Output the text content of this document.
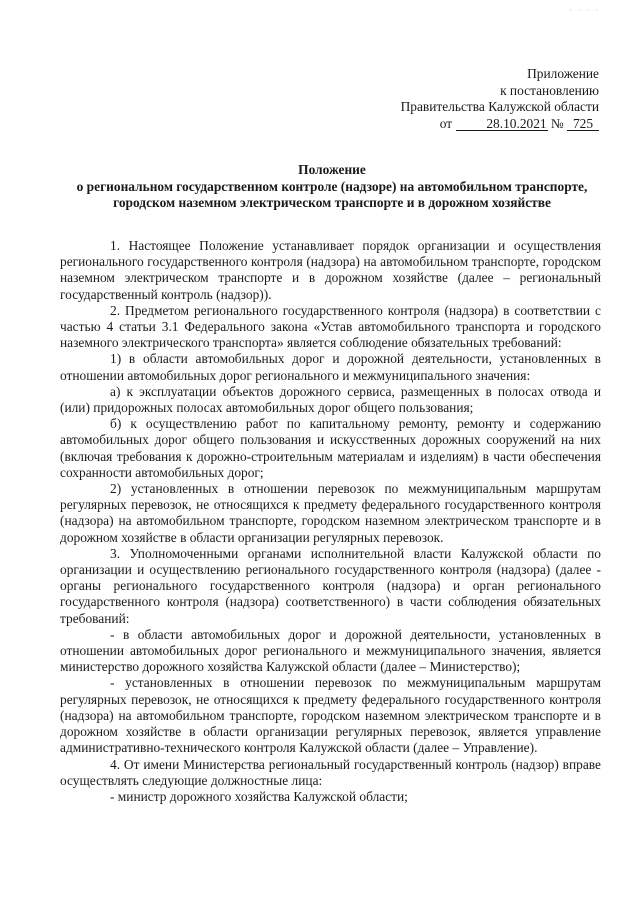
· · · ·
Приложение
к постановлению
Правительства Калужской области
от	28.10.2021 № 725
Положение
о региональном государственном контроле (надзоре) на автомобильном транспорте,
городском наземном электрическом транспорте и в дорожном хозяйстве

1. Настоящее Положение устанавливает порядок организации и осуществления регионального государственного контроля (надзора) на автомобильном транспорте, городском наземном электрическом транспорте и в дорожном хозяйстве (далее – региональный государственный контроль (надзор)).

2. Предметом регионального государственного контроля (надзора) в соответствии с частью 4 статьи 3.1 Федерального закона «Устав автомобильного транспорта и городского наземного электрического транспорта» является соблюдение обязательных требований:

1) в области автомобильных дорог и дорожной деятельности, установленных в отношении автомобильных дорог регионального и межмуниципального значения:

а) к эксплуатации объектов дорожного сервиса, размещенных в полосах отвода и (или) придорожных полосах автомобильных дорог общего пользования;

б) к осуществлению работ по капитальному ремонту, ремонту и содержанию автомобильных дорог общего пользования и искусственных дорожных сооружений на них (включая требования к дорожно-строительным материалам и изделиям) в части обеспечения сохранности автомобильных дорог;

2) установленных в отношении перевозок по межмуниципальным маршрутам регулярных перевозок, не относящихся к предмету федерального государственного контроля (надзора) на автомобильном транспорте, городском наземном электрическом транспорте и в дорожном хозяйстве в области организации регулярных перевозок.

3. Уполномоченными органами исполнительной власти Калужской области по организации и осуществлению регионального государственного контроля (надзора) (далее - органы регионального государственного контроля (надзора) и орган регионального государственного контроля (надзора) соответственного) в части соблюдения обязательных требований:

- в области автомобильных дорог и дорожной деятельности, установленных в отношении автомобильных дорог регионального и межмуниципального значения, является министерство дорожного хозяйства Калужской области (далее – Министерство);

- установленных в отношении перевозок по межмуниципальным маршрутам регулярных перевозок, не относящихся к предмету федерального государственного контроля (надзора) на автомобильном транспорте, городском наземном электрическом транспорте и в дорожном хозяйстве в области организации регулярных перевозок, является управление административно-технического контроля Калужской области (далее – Управление).

4. От имени Министерства региональный государственный контроль (надзор) вправе осуществлять следующие должностные лица:

- министр дорожного хозяйства Калужской области;
